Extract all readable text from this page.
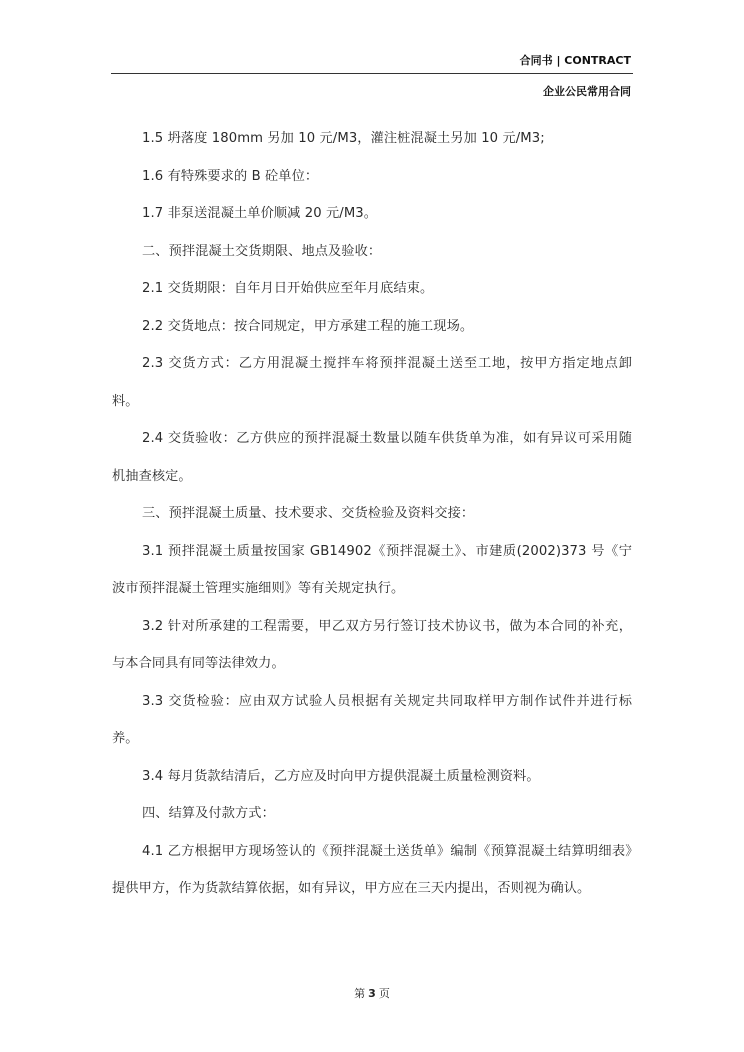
合同书 | CONTRACT
企业公民常用合同

1.5 坍落度 180mm 另加 10 元/M3，灌注桩混凝土另加 10 元/M3;

1.6 有特殊要求的 B 砼单位：

1.7 非泵送混凝土单价顺减 20 元/M3。

二、预拌混凝土交货期限、地点及验收：

2.1 交货期限：自年月日开始供应至年月底结束。

2.2 交货地点：按合同规定，甲方承建工程的施工现场。

2.3 交货方式：乙方用混凝土搅拌车将预拌混凝土送至工地，按甲方指定地点卸料。

2.4 交货验收：乙方供应的预拌混凝土数量以随车供货单为准，如有异议可采用随机抽查核定。

三、预拌混凝土质量、技术要求、交货检验及资料交接：

3.1 预拌混凝土质量按国家 GB14902《预拌混凝土》、市建质(2002)373 号《宁波市预拌混凝土管理实施细则》等有关规定执行。

3.2 针对所承建的工程需要，甲乙双方另行签订技术协议书，做为本合同的补充，与本合同具有同等法律效力。

3.3 交货检验：应由双方试验人员根据有关规定共同取样甲方制作试件并进行标养。

3.4 每月货款结清后，乙方应及时向甲方提供混凝土质量检测资料。

四、结算及付款方式：

4.1 乙方根据甲方现场签认的《预拌混凝土送货单》编制《预算混凝土结算明细表》提供甲方，作为货款结算依据，如有异议，甲方应在三天内提出，否则视为确认。

第 3 页
